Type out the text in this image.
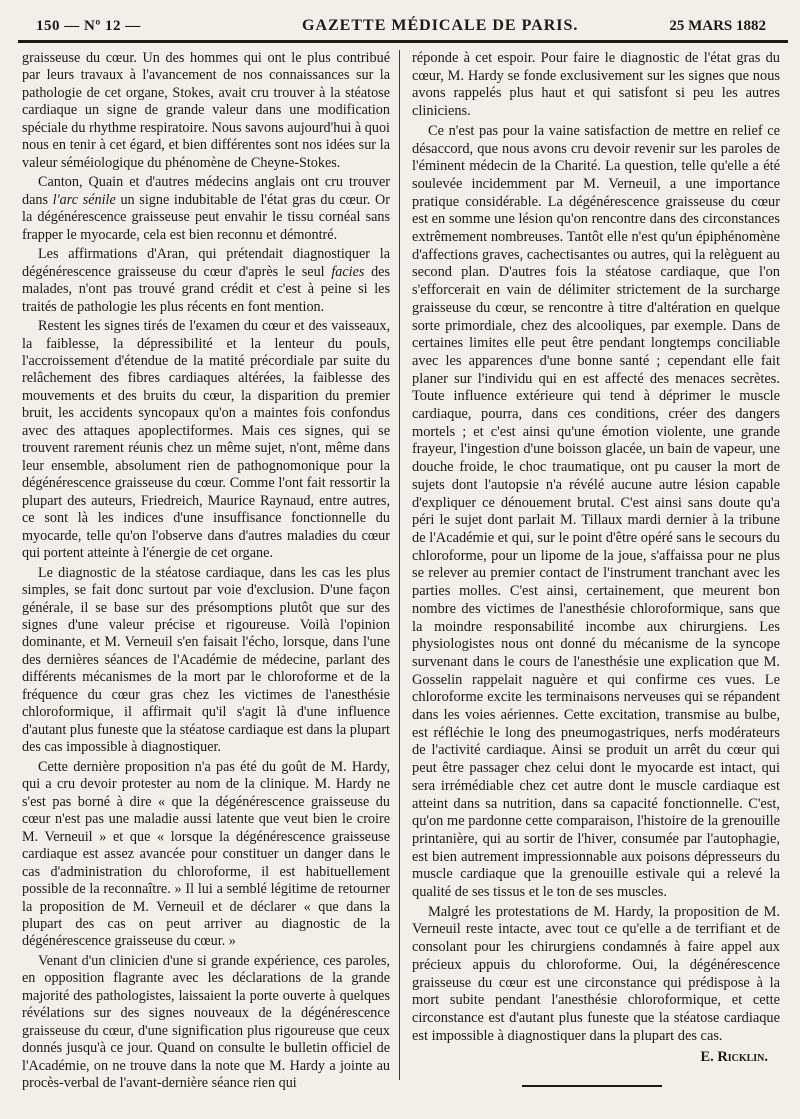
150 — Nº 12 —	GAZETTE MÉDICALE DE PARIS.	25 MARS 1882

graisseuse du cœur. Un des hommes qui ont le plus contribué par leurs travaux à l'avancement de nos connaissances sur la pathologie de cet organe, Stokes, avait cru trouver à la stéatose cardiaque un signe de grande valeur dans une modification spéciale du rhythme respiratoire. Nous savons aujourd'hui à quoi nous en tenir à cet égard, et bien différentes sont nos idées sur la valeur séméiologique du phénomène de Cheyne-Stokes.

Canton, Quain et d'autres médecins anglais ont cru trouver dans l'arc sénile un signe indubitable de l'état gras du cœur. Or la dégénérescence graisseuse peut envahir le tissu cornéal sans frapper le myocarde, cela est bien reconnu et démontré.

Les affirmations d'Aran, qui prétendait diagnostiquer la dégénérescence graisseuse du cœur d'après le seul facies des malades, n'ont pas trouvé grand crédit et c'est à peine si les traités de pathologie les plus récents en font mention.

Restent les signes tirés de l'examen du cœur et des vaisseaux, la faiblesse, la dépressibilité et la lenteur du pouls, l'accroissement d'étendue de la matité précordiale par suite du relâchement des fibres cardiaques altérées, la faiblesse des mouvements et des bruits du cœur, la disparition du premier bruit, les accidents syncopaux qu'on a maintes fois confondus avec des attaques apoplectiformes. Mais ces signes, qui se trouvent rarement réunis chez un même sujet, n'ont, même dans leur ensemble, absolument rien de pathognomonique pour la dégénérescence graisseuse du cœur. Comme l'ont fait ressortir la plupart des auteurs, Friedreich, Maurice Raynaud, entre autres, ce sont là les indices d'une insuffisance fonctionnelle du myocarde, telle qu'on l'observe dans d'autres maladies du cœur qui portent atteinte à l'énergie de cet organe.

Le diagnostic de la stéatose cardiaque, dans les cas les plus simples, se fait donc surtout par voie d'exclusion. D'une façon générale, il se base sur des présomptions plutôt que sur des signes d'une valeur précise et rigoureuse. Voilà l'opinion dominante, et M. Verneuil s'en faisait l'écho, lorsque, dans l'une des dernières séances de l'Académie de médecine, parlant des différents mécanismes de la mort par le chloroforme et de la fréquence du cœur gras chez les victimes de l'anesthésie chloroformique, il affirmait qu'il s'agit là d'une influence d'autant plus funeste que la stéatose cardiaque est dans la plupart des cas impossible à diagnostiquer.

Cette dernière proposition n'a pas été du goût de M. Hardy, qui a cru devoir protester au nom de la clinique. M. Hardy ne s'est pas borné à dire « que la dégénérescence graisseuse du cœur n'est pas une maladie aussi latente que veut bien le croire M. Verneuil » et que « lorsque la dégénérescence graisseuse cardiaque est assez avancée pour constituer un danger dans le cas d'administration du chloroforme, il est habituellement possible de la reconnaître. » Il lui a semblé légitime de retourner la proposition de M. Verneuil et de déclarer « que dans la plupart des cas on peut arriver au diagnostic de la dégénérescence graisseuse du cœur. »

Venant d'un clinicien d'une si grande expérience, ces paroles, en opposition flagrante avec les déclarations de la grande majorité des pathologistes, laissaient la porte ouverte à quelques révélations sur des signes nouveaux de la dégénérescence graisseuse du cœur, d'une signification plus rigoureuse que ceux donnés jusqu'à ce jour. Quand on consulte le bulletin officiel de l'Académie, on ne trouve dans la note que M. Hardy a jointe au procès-verbal de l'avant-dernière séance rien qui

réponde à cet espoir. Pour faire le diagnostic de l'état gras du cœur, M. Hardy se fonde exclusivement sur les signes que nous avons rappelés plus haut et qui satisfont si peu les autres cliniciens.

Ce n'est pas pour la vaine satisfaction de mettre en relief ce désaccord, que nous avons cru devoir revenir sur les paroles de l'éminent médecin de la Charité. La question, telle qu'elle a été soulevée incidemment par M. Verneuil, a une importance pratique considérable. La dégénérescence graisseuse du cœur est en somme une lésion qu'on rencontre dans des circonstances extrêmement nombreuses. Tantôt elle n'est qu'un épiphénomène d'affections graves, cachectisantes ou autres, qui la relèguent au second plan. D'autres fois la stéatose cardiaque, que l'on s'efforcerait en vain de délimiter strictement de la surcharge graisseuse du cœur, se rencontre à titre d'altération en quelque sorte primordiale, chez des alcooliques, par exemple. Dans de certaines limites elle peut être pendant longtemps conciliable avec les apparences d'une bonne santé ; cependant elle fait planer sur l'individu qui en est affecté des menaces secrètes. Toute influence extérieure qui tend à déprimer le muscle cardiaque, pourra, dans ces conditions, créer des dangers mortels ; et c'est ainsi qu'une émotion violente, une grande frayeur, l'ingestion d'une boisson glacée, un bain de vapeur, une douche froide, le choc traumatique, ont pu causer la mort de sujets dont l'autopsie n'a révélé aucune autre lésion capable d'expliquer ce dénouement brutal. C'est ainsi sans doute qu'a péri le sujet dont parlait M. Tillaux mardi dernier à la tribune de l'Académie et qui, sur le point d'être opéré sans le secours du chloroforme, pour un lipome de la joue, s'affaissa pour ne plus se relever au premier contact de l'instrument tranchant avec les parties molles. C'est ainsi, certainement, que meurent bon nombre des victimes de l'anesthésie chloroformique, sans que la moindre responsabilité incombe aux chirurgiens. Les physiologistes nous ont donné du mécanisme de la syncope survenant dans le cours de l'anesthésie une explication que M. Gosselin rappelait naguère et qui confirme ces vues. Le chloroforme excite les terminaisons nerveuses qui se répandent dans les voies aériennes. Cette excitation, transmise au bulbe, est réfléchie le long des pneumogastriques, nerfs modérateurs de l'activité cardiaque. Ainsi se produit un arrêt du cœur qui peut être passager chez celui dont le myocarde est intact, qui sera irrémédiable chez cet autre dont le muscle cardiaque est atteint dans sa nutrition, dans sa capacité fonctionnelle. C'est, qu'on me pardonne cette comparaison, l'histoire de la grenouille printanière, qui au sortir de l'hiver, consumée par l'autophagie, est bien autrement impressionnable aux poisons dépresseurs du muscle cardiaque que la grenouille estivale qui a relevé la qualité de ses tissus et le ton de ses muscles.

Malgré les protestations de M. Hardy, la proposition de M. Verneuil reste intacte, avec tout ce qu'elle a de terrifiant et de consolant pour les chirurgiens condamnés à faire appel aux précieux appuis du chloroforme. Oui, la dégénérescence graisseuse du cœur est une circonstance qui prédispose à la mort subite pendant l'anesthésie chloroformique, et cette circonstance est d'autant plus funeste que la stéatose cardiaque est impossible à diagnostiquer dans la plupart des cas.

E. Ricklin.
